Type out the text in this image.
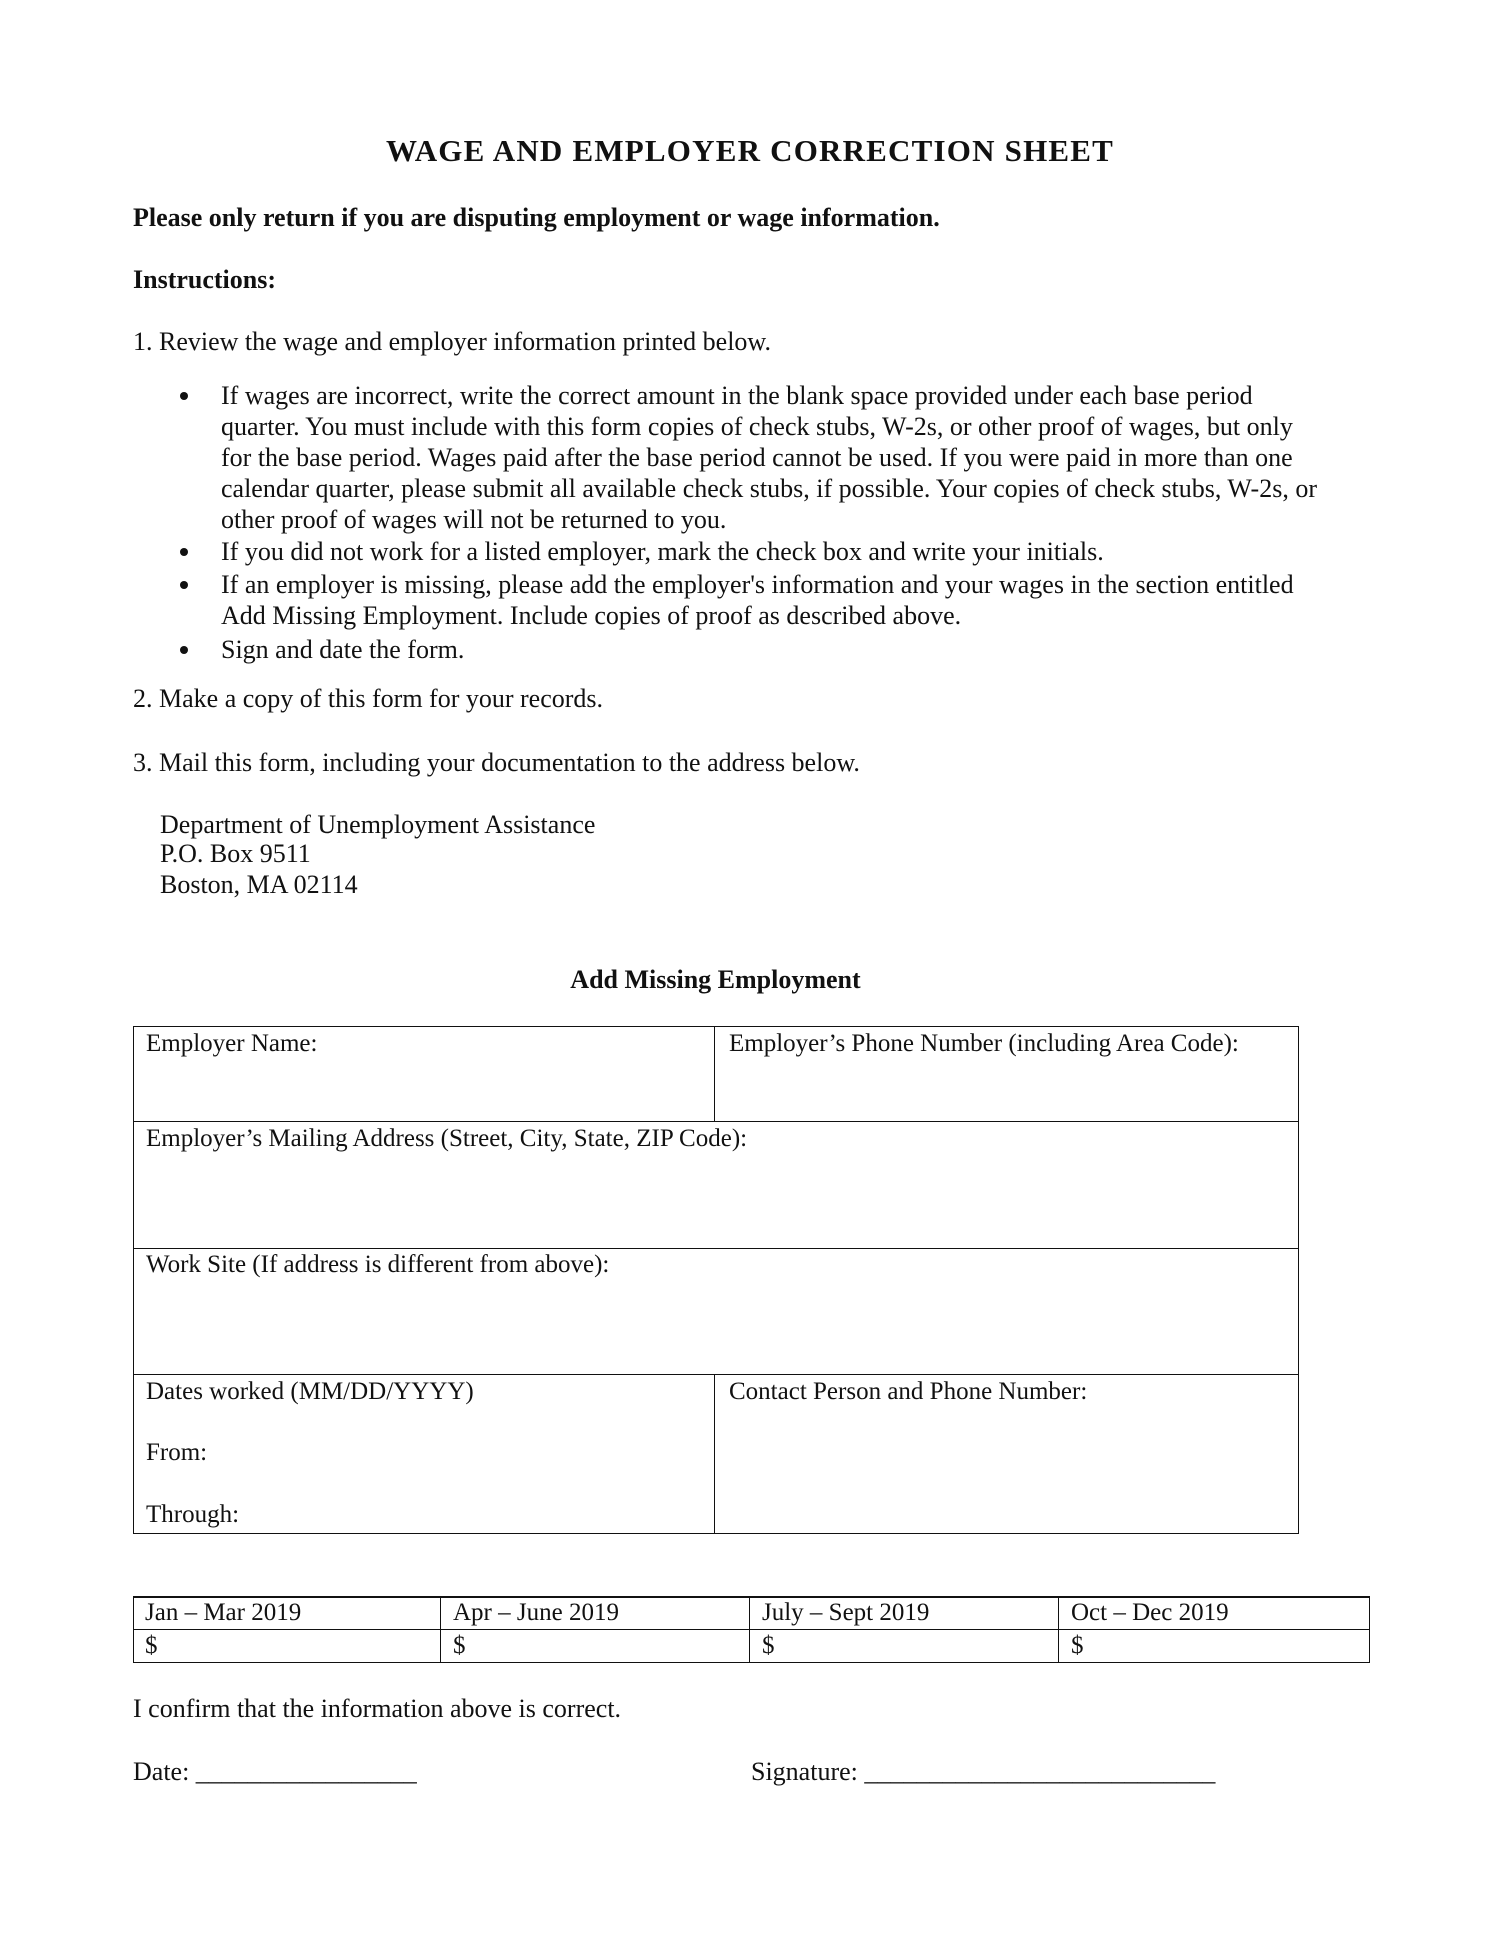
WAGE AND EMPLOYER CORRECTION SHEET
Please only return if you are disputing employment or wage information.
Instructions:
1. Review the wage and employer information printed below.
If wages are incorrect, write the correct amount in the blank space provided under each base period
quarter. You must include with this form copies of check stubs, W-2s, or other proof of wages, but only
for the base period. Wages paid after the base period cannot be used. If you were paid in more than one
calendar quarter, please submit all available check stubs, if possible. Your copies of check stubs, W-2s, or
other proof of wages will not be returned to you.
If you did not work for a listed employer, mark the check box and write your initials.
If an employer is missing, please add the employer's information and your wages in the section entitled
Add Missing Employment. Include copies of proof as described above.
Sign and date the form.
2. Make a copy of this form for your records.
3. Mail this form, including your documentation to the address below.
Department of Unemployment Assistance
P.O. Box 9511
Boston, MA 02114
Add Missing Employment
Employer Name:	Employer’s Phone Number (including Area Code):
Employer’s Mailing Address (Street, City, State, ZIP Code):
Work Site (If address is different from above):
Dates worked (MM/DD/YYYY)
From:
Through:
Contact Person and Phone Number:
Jan – Mar 2019	Apr – June 2019	July – Sept 2019	Oct – Dec 2019
$	$	$	$
I confirm that the information above is correct.
Date: _________________	Signature: ___________________________
